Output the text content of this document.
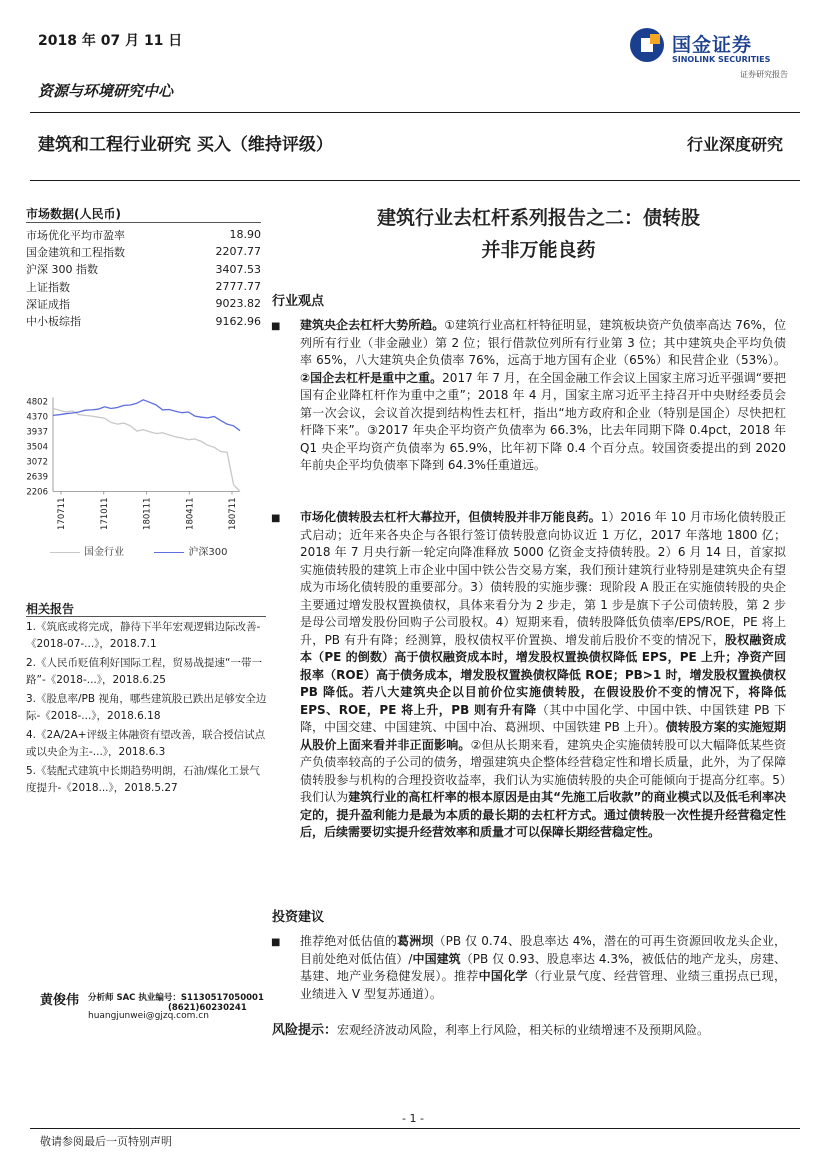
2018 年 07 月 11 日	国金证券
SINOLINK SECURITIES
证券研究报告
资源与环境研究中心
建筑和工程行业研究 买入（维持评级）	行业深度研究
市场数据(人民币)
市场优化平均市盈率	18.90
国金建筑和工程指数	2207.77
沪深 300 指数	3407.53
上证指数	2777.77
深证成指	9023.82
中小板综指	9162.96
4802
4370
3937
3504
3072
2639
2206
170711	171011	180111	180411	180711
国金行业	沪深300
相关报告
1.《筑底或将完成，静待下半年宏观逻辑边际改善-《2018-07-...》，2018.7.1
2.《人民币贬值利好国际工程，贸易战提速“一带一路”-《2018-...》，2018.6.25
3.《股息率/PB 视角，哪些建筑股已跌出足够安全边际-《2018-...》，2018.6.18
4.《2A/2A+评级主体融资有望改善，联合授信试点或以央企为主-...》，2018.6.3
5.《装配式建筑中长期趋势明朗，石油/煤化工景气度提升-《2018...》，2018.5.27
黄俊伟 分析师 SAC 执业编号：S1130517050001
(8621)60230241
huangjunwei@gjzq.com.cn
建筑行业去杠杆系列报告之二：债转股
并非万能良药
行业观点
■ 建筑央企去杠杆大势所趋。①建筑行业高杠杆特征明显，建筑板块资产负债率高达 76%，位列所有行业（非金融业）第 2 位；银行借款位列所有行业第 3 位；其中建筑央企平均负债率 65%，八大建筑央企负债率 76%，远高于地方国有企业（65%）和民营企业（53%）。②国企去杠杆是重中之重。2017 年 7 月，在全国金融工作会议上国家主席习近平强调“要把国有企业降杠杆作为重中之重”；2018 年 4 月，国家主席习近平主持召开中央财经委员会第一次会议，会议首次提到结构性去杠杆，指出“地方政府和企业（特别是国企）尽快把杠杆降下来”。③2017 年央企平均资产负债率为 66.3%，比去年同期下降 0.4pct，2018 年 Q1 央企平均资产负债率为 65.9%，比年初下降 0.4 个百分点。较国资委提出的到 2020 年前央企平均负债率下降到 64.3%任重道远。
■ 市场化债转股去杠杆大幕拉开，但债转股并非万能良药。1）2016 年 10 月市场化债转股正式启动；近年来各央企与各银行签订债转股意向协议近 1 万亿，2017 年落地 1800 亿；2018 年 7 月央行新一轮定向降准释放 5000 亿资金支持债转股。2）6 月 14 日，首家拟实施债转股的建筑上市企业中国中铁公告交易方案，我们预计建筑行业特别是建筑央企有望成为市场化债转股的重要部分。3）债转股的实施步骤：现阶段 A 股正在实施债转股的央企主要通过增发股权置换债权，具体来看分为 2 步走，第 1 步是旗下子公司债转股，第 2 步是母公司增发股份回购子公司股权。4）短期来看，债转股降低负债率/EPS/ROE，PE 将上升，PB 有升有降；经测算，股权债权平价置换、增发前后股价不变的情况下，股权融资成本（PE 的倒数）高于债权融资成本时，增发股权置换债权降低 EPS，PE 上升；净资产回报率（ROE）高于债务成本，增发股权置换债权降低 ROE；PB>1 时，增发股权置换债权 PB 降低。若八大建筑央企以目前价位实施债转股，在假设股价不变的情况下，将降低 EPS、ROE，PE 将上升，PB 则有升有降（其中中国化学、中国中铁、中国铁建 PB 下降，中国交建、中国建筑、中国中冶、葛洲坝、中国铁建 PB 上升）。债转股方案的实施短期从股价上面来看并非正面影响。②但从长期来看，建筑央企实施债转股可以大幅降低某些资产负债率较高的子公司的债务，增强建筑央企整体经营稳定性和增长质量，此外，为了保障债转股参与机构的合理投资收益率，我们认为实施债转股的央企可能倾向于提高分红率。5）我们认为建筑行业的高杠杆率的根本原因是由其“先施工后收款”的商业模式以及低毛利率决定的，提升盈利能力是最为本质的最长期的去杠杆方式。通过债转股一次性提升经营稳定性后，后续需要切实提升经营效率和质量才可以保障长期经营稳定性。
投资建议
■ 推荐绝对低估值的葛洲坝（PB 仅 0.74、股息率达 4%，潜在的可再生资源回收龙头企业，目前处绝对低估值）/中国建筑（PB 仅 0.93、股息率达 4.3%，被低估的地产龙头，房建、基建、地产业务稳健发展）。推荐中国化学（行业景气度、经营管理、业绩三重拐点已现，业绩进入 V 型复苏通道）。
风险提示：宏观经济波动风险，利率上行风险，相关标的业绩增速不及预期风险。
- 1 -
敬请参阅最后一页特别声明
